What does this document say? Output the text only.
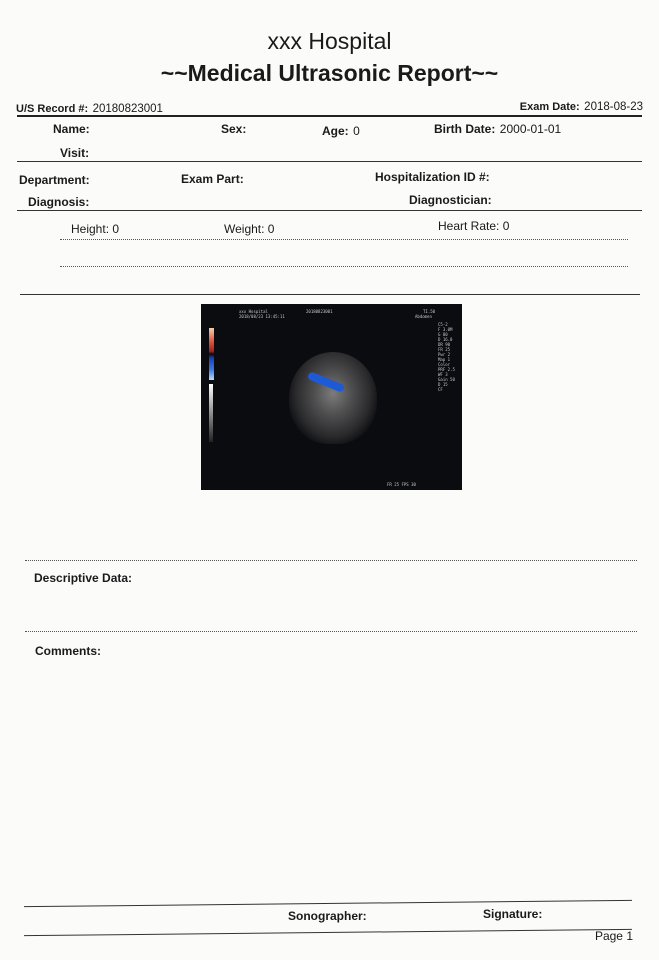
xxx Hospital
~~Medical Ultrasonic Report~~
U/S Record #: 20180823001	Exam Date: 2018-08-23
Name:	Sex:	Age: 0	Birth Date: 2000-01-01
Visit:
Department:	Exam Part:	Hospitalization ID #:
Diagnosis:	Diagnostician:
Height: 0	Weight: 0	Heart Rate: 0
xxx Hospital
2018/08/23 13:45:11
20180823001	TI.50
Abdomen
C5-2
F 3.0M
G 80
D 16.0
DR 90
FR 25
Pwr 2
Map 1
Color
PRF 2.5
WF 3
Gain 50
D 15
CF
FR 25 FPS 30
Descriptive Data:
Comments:
Sonographer:	Signature:
Page 1
